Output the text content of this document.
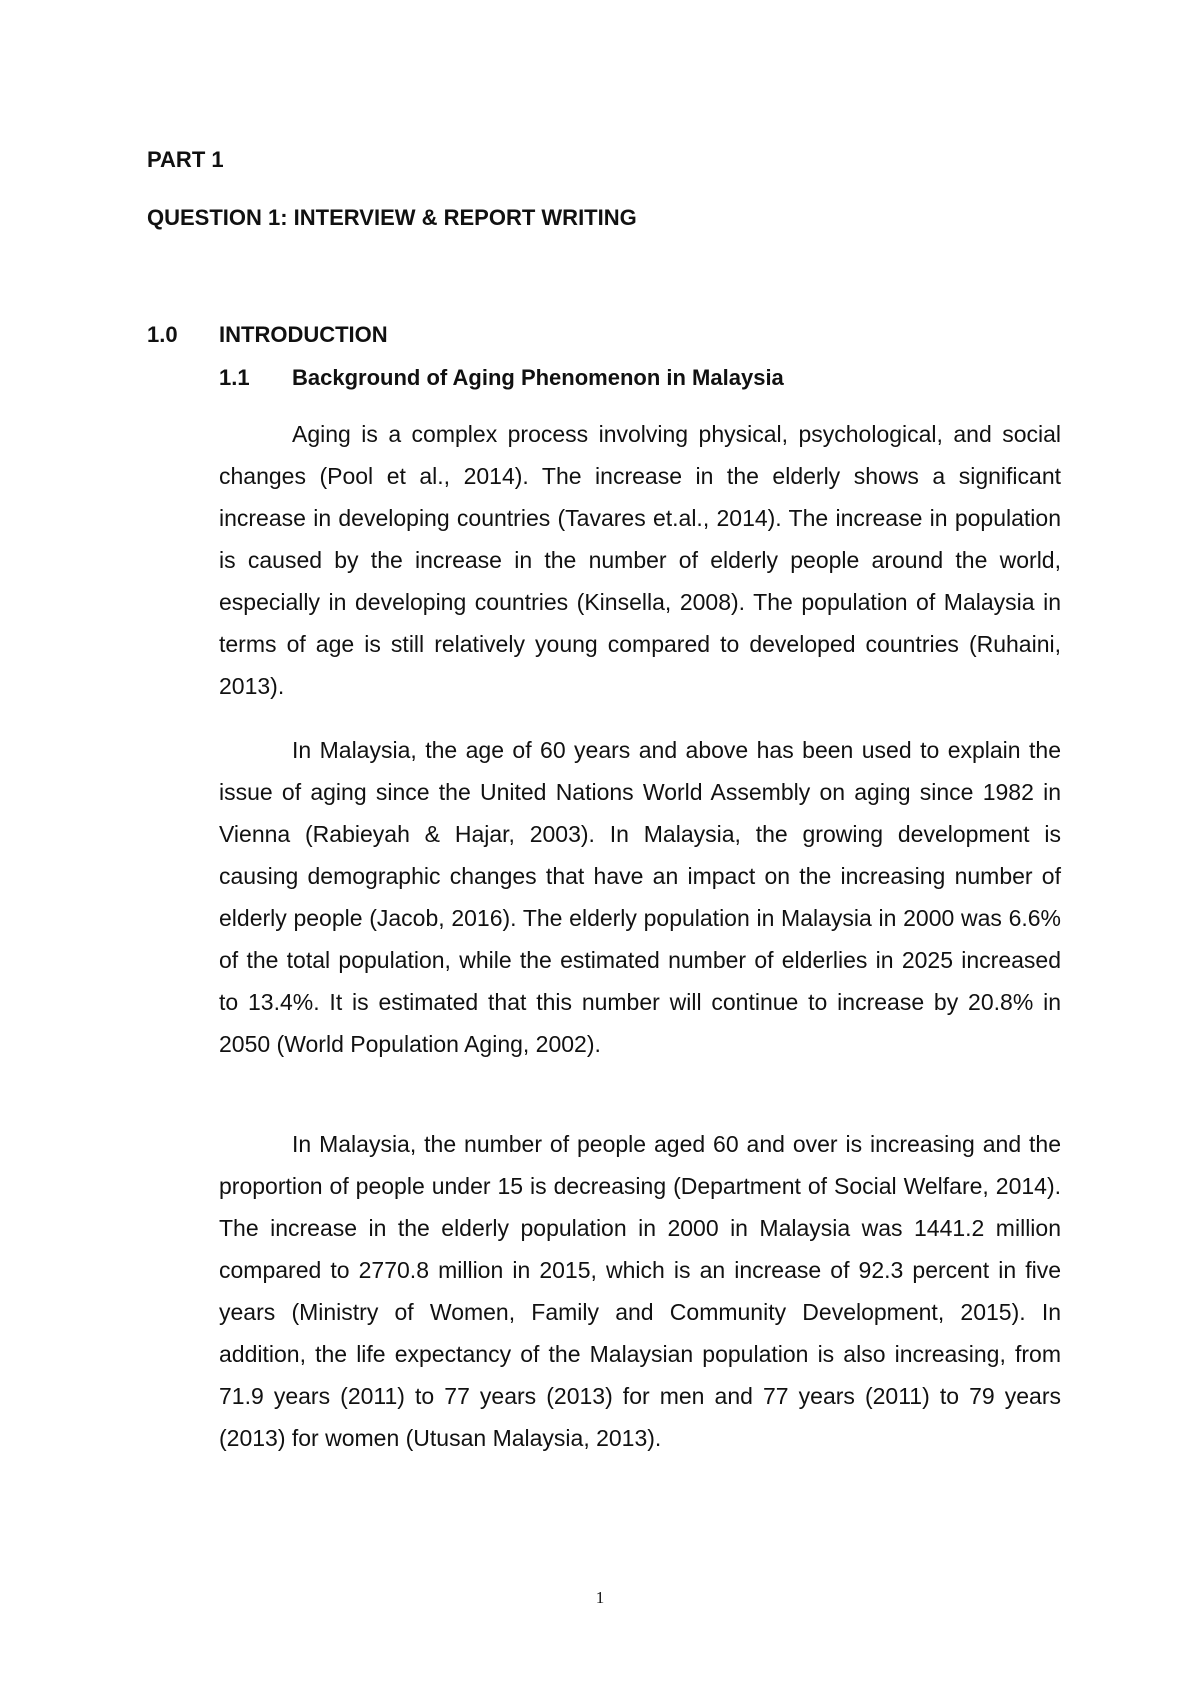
PART 1
QUESTION 1: INTERVIEW & REPORT WRITING
1.0 INTRODUCTION
1.1 Background of Aging Phenomenon in Malaysia

Aging is a complex process involving physical, psychological, and social changes (Pool et al., 2014). The increase in the elderly shows a significant increase in developing countries (Tavares et.al., 2014). The increase in population is caused by the increase in the number of elderly people around the world, especially in developing countries (Kinsella, 2008). The population of Malaysia in terms of age is still relatively young compared to developed countries (Ruhaini, 2013).

In Malaysia, the age of 60 years and above has been used to explain the issue of aging since the United Nations World Assembly on aging since 1982 in Vienna (Rabieyah & Hajar, 2003). In Malaysia, the growing development is causing demographic changes that have an impact on the increasing number of elderly people (Jacob, 2016). The elderly population in Malaysia in 2000 was 6.6% of the total population, while the estimated number of elderlies in 2025 increased to 13.4%. It is estimated that this number will continue to increase by 20.8% in 2050 (World Population Aging, 2002).

In Malaysia, the number of people aged 60 and over is increasing and the proportion of people under 15 is decreasing (Department of Social Welfare, 2014). The increase in the elderly population in 2000 in Malaysia was 1441.2 million compared to 2770.8 million in 2015, which is an increase of 92.3 percent in five years (Ministry of Women, Family and Community Development, 2015). In addition, the life expectancy of the Malaysian population is also increasing, from 71.9 years (2011) to 77 years (2013) for men and 77 years (2011) to 79 years (2013) for women (Utusan Malaysia, 2013).

1
